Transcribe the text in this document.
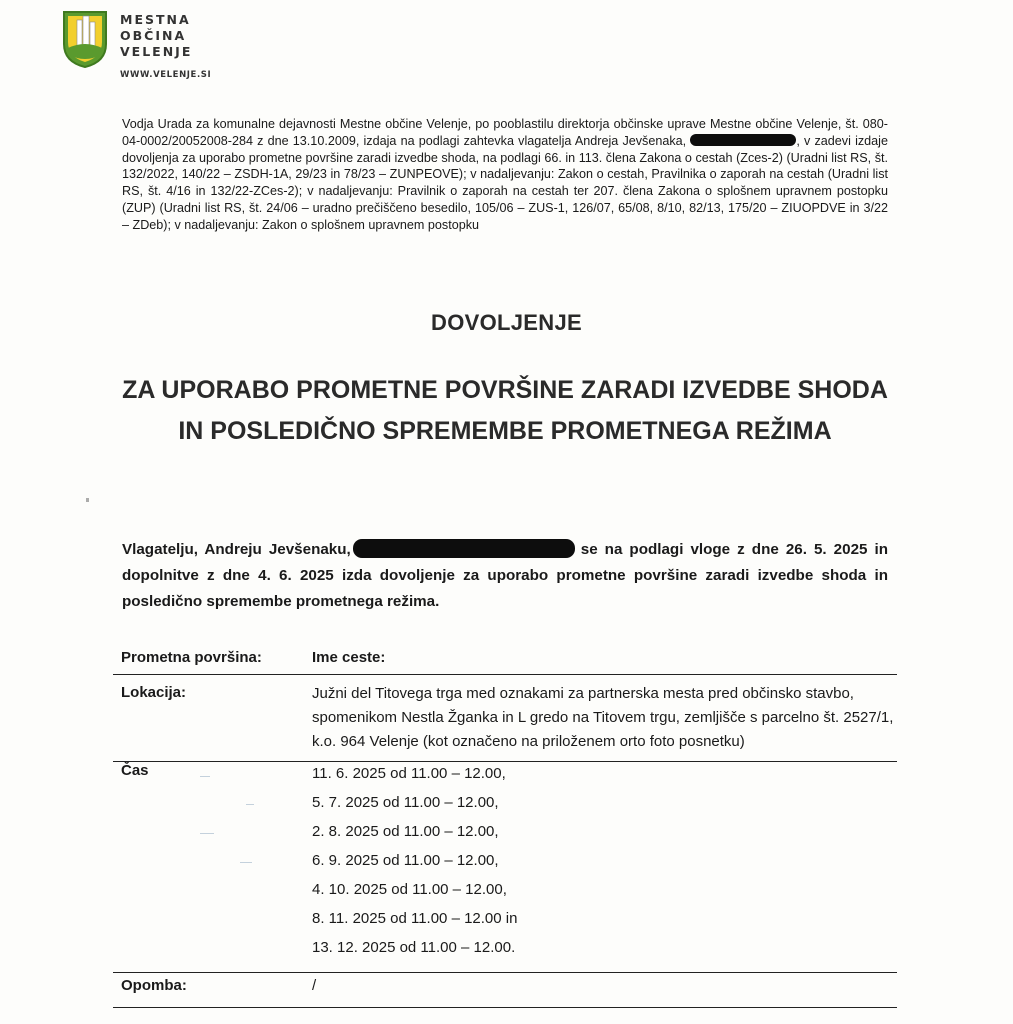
MESTNA
OBČINA
VELENJE
WWW.VELENJE.SI
Vodja Urada za komunalne dejavnosti Mestne občine Velenje, po pooblastilu direktorja občinske uprave Mestne občine Velenje, št. 080-04-0002/20052008-284 z dne 13.10.2009, izdaja na podlagi zahtevka vlagatelja Andreja Jevšenaka,	, v zadevi izdaje dovoljenja za uporabo prometne površine zaradi izvedbe shoda, na podlagi 66. in 113. člena Zakona o cestah (Zces-2) (Uradni list RS, št. 132/2022, 140/22 – ZSDH-1A, 29/23 in 78/23 – ZUNPEOVE); v nadaljevanju: Zakon o cestah, Pravilnika o zaporah na cestah (Uradni list RS, št. 4/16 in 132/22-ZCes-2); v nadaljevanju: Pravilnik o zaporah na cestah ter 207. člena Zakona o splošnem upravnem postopku (ZUP) (Uradni list RS, št. 24/06 – uradno prečiščeno besedilo, 105/06 – ZUS-1, 126/07, 65/08, 8/10, 82/13, 175/20 – ZIUOPDVE in 3/22 – ZDeb); v nadaljevanju: Zakon o splošnem upravnem postopku
DOVOLJENJE
ZA UPORABO PROMETNE POVRŠINE ZARADI IZVEDBE SHODA IN POSLEDIČNO SPREMEMBE PROMETNEGA REŽIMA
Vlagatelju, Andreju Jevšenaku,	se na podlagi vloge z dne 26. 5. 2025 in dopolnitve z dne 4. 6. 2025 izda dovoljenje za uporabo prometne površine zaradi izvedbe shoda in posledično spremembe prometnega režima.
Prometna površina:	Ime ceste:
Lokacija:	Južni del Titovega trga med oznakami za partnerska mesta pred občinsko stavbo, spomenikom Nestla Žganka in L gredo na Titovem trgu, zemljišče s parcelno št. 2527/1, k.o. 964 Velenje (kot označeno na priloženem orto foto posnetku)
Čas	11. 6. 2025 od 11.00 – 12.00,
5. 7. 2025 od 11.00 – 12.00,
2. 8. 2025 od 11.00 – 12.00,
6. 9. 2025 od 11.00 – 12.00,
4. 10. 2025 od 11.00 – 12.00,
8. 11. 2025 od 11.00 – 12.00 in
13. 12. 2025 od 11.00 – 12.00.
Opomba:	/
